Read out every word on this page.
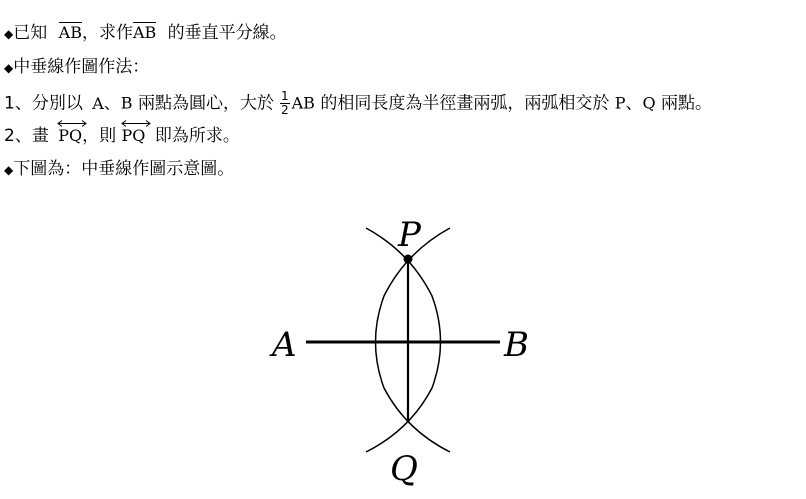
◆已知 AB，求作AB 的垂直平分線。
◆中垂線作圖作法：
1、分別以 A、B 兩點為圓心，大於 $\frac{1}{2}$ AB 的相同長度為半徑畫兩弧，兩弧相交於 P、Q 兩點。
2、畫 PQ，則 PQ 即為所求。
◆下圖為：中垂線作圖示意圖。
A	B
P
Q
